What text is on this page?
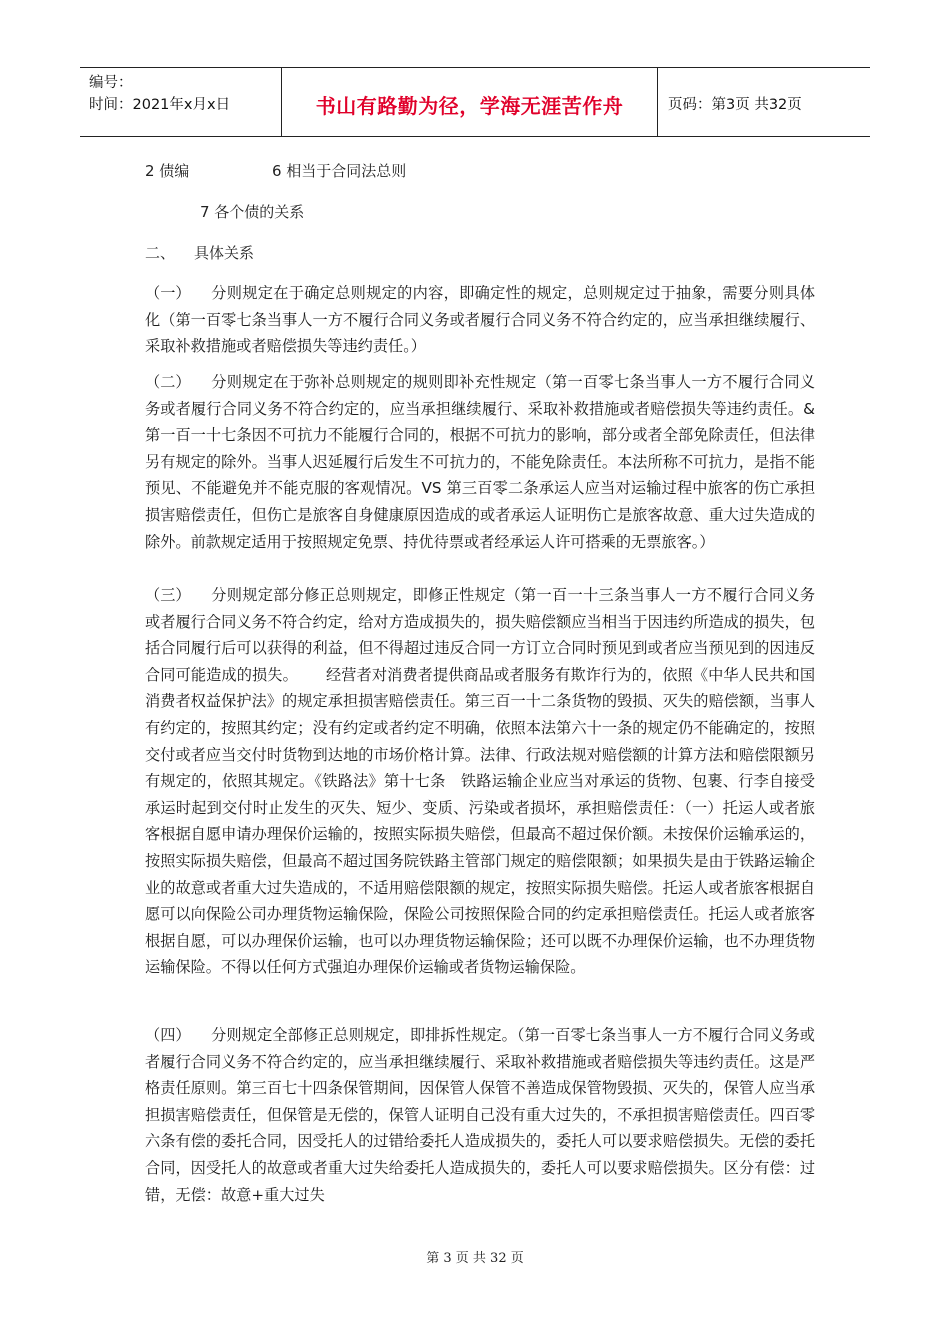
编号：
时间：2021年x月x日	书山有路勤为径，学海无涯苦作舟	页码：第3页 共32页
2 债编	6 相当于合同法总则
7 各个债的关系
二、 具体关系

（一） 分则规定在于确定总则规定的内容，即确定性的规定，总则规定过于抽象，需要分则具体化（第一百零七条当事人一方不履行合同义务或者履行合同义务不符合约定的，应当承担继续履行、采取补救措施或者赔偿损失等违约责任。）

（二） 分则规定在于弥补总则规定的规则即补充性规定（第一百零七条当事人一方不履行合同义务或者履行合同义务不符合约定的，应当承担继续履行、采取补救措施或者赔偿损失等违约责任。&第一百一十七条因不可抗力不能履行合同的，根据不可抗力的影响，部分或者全部免除责任，但法律另有规定的除外。当事人迟延履行后发生不可抗力的，不能免除责任。本法所称不可抗力，是指不能预见、不能避免并不能克服的客观情况。VS 第三百零二条承运人应当对运输过程中旅客的伤亡承担损害赔偿责任，但伤亡是旅客自身健康原因造成的或者承运人证明伤亡是旅客故意、重大过失造成的除外。前款规定适用于按照规定免票、持优待票或者经承运人许可搭乘的无票旅客。）

（三） 分则规定部分修正总则规定，即修正性规定（第一百一十三条当事人一方不履行合同义务或者履行合同义务不符合约定，给对方造成损失的，损失赔偿额应当相当于因违约所造成的损失，包括合同履行后可以获得的利益，但不得超过违反合同一方订立合同时预见到或者应当预见到的因违反合同可能造成的损失。 经营者对消费者提供商品或者服务有欺诈行为的，依照《中华人民共和国消费者权益保护法》的规定承担损害赔偿责任。第三百一十二条货物的毁损、灭失的赔偿额，当事人有约定的，按照其约定；没有约定或者约定不明确，依照本法第六十一条的规定仍不能确定的，按照交付或者应当交付时货物到达地的市场价格计算。法律、行政法规对赔偿额的计算方法和赔偿限额另有规定的，依照其规定。《铁路法》第十七条　铁路运输企业应当对承运的货物、包裹、行李自接受承运时起到交付时止发生的灭失、短少、变质、污染或者损坏，承担赔偿责任：（一）托运人或者旅客根据自愿申请办理保价运输的，按照实际损失赔偿，但最高不超过保价额。未按保价运输承运的，按照实际损失赔偿，但最高不超过国务院铁路主管部门规定的赔偿限额；如果损失是由于铁路运输企业的故意或者重大过失造成的，不适用赔偿限额的规定，按照实际损失赔偿。托运人或者旅客根据自愿可以向保险公司办理货物运输保险，保险公司按照保险合同的约定承担赔偿责任。托运人或者旅客根据自愿，可以办理保价运输，也可以办理货物运输保险；还可以既不办理保价运输，也不办理货物运输保险。不得以任何方式强迫办理保价运输或者货物运输保险。

（四） 分则规定全部修正总则规定，即排拆性规定。（第一百零七条当事人一方不履行合同义务或者履行合同义务不符合约定的，应当承担继续履行、采取补救措施或者赔偿损失等违约责任。这是严格责任原则。第三百七十四条保管期间，因保管人保管不善造成保管物毁损、灭失的，保管人应当承担损害赔偿责任，但保管是无偿的，保管人证明自己没有重大过失的，不承担损害赔偿责任。四百零六条有偿的委托合同，因受托人的过错给委托人造成损失的，委托人可以要求赔偿损失。无偿的委托合同，因受托人的故意或者重大过失给委托人造成损失的，委托人可以要求赔偿损失。区分有偿：过错，无偿：故意+重大过失

第 3 页 共 32 页
